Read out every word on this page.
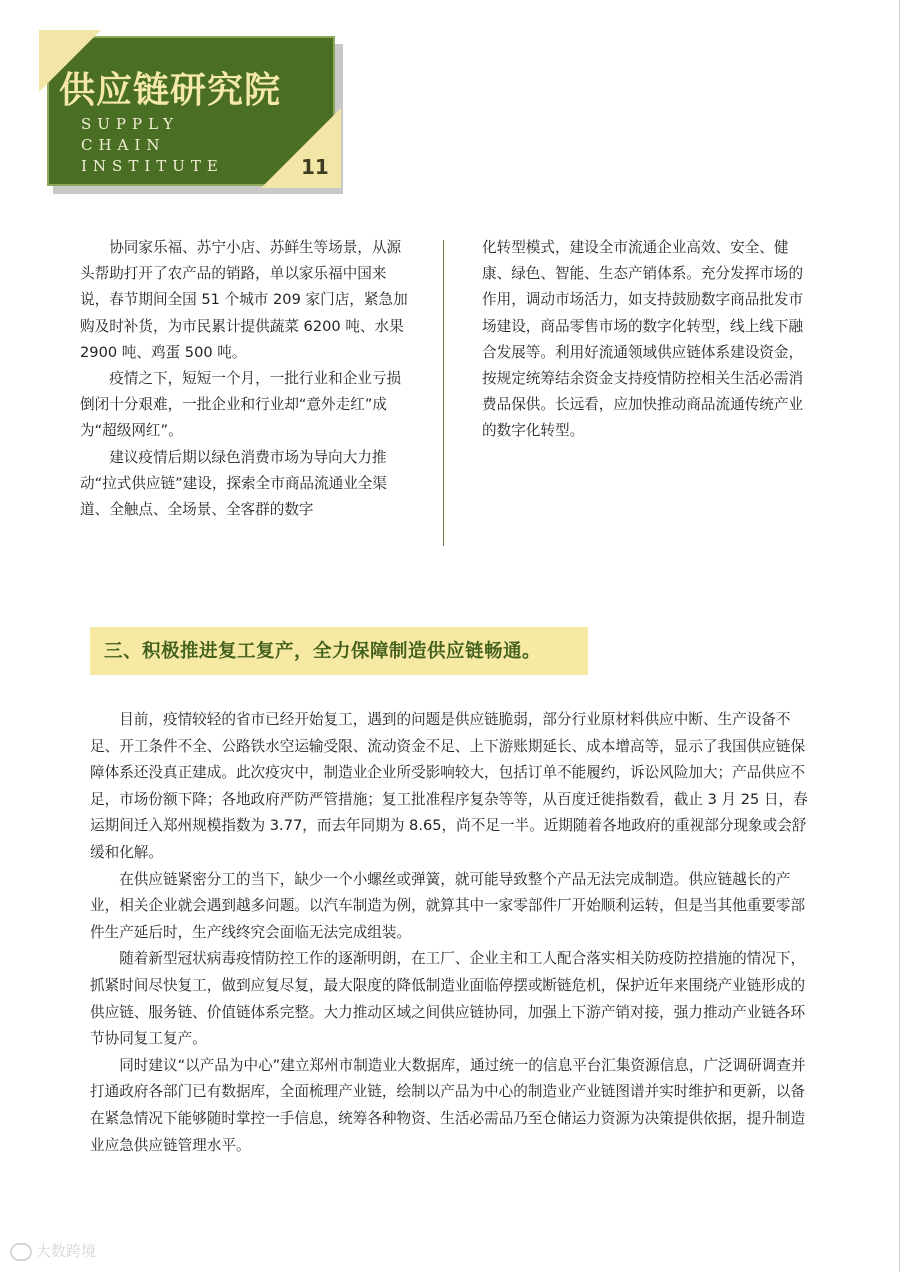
供应链研究院
SUPPLY
CHAIN
INSTITUTE	11

协同家乐福、苏宁小店、苏鲜生等场景，从源头帮助打开了农产品的销路，单以家乐福中国来说，春节期间全国 51 个城市 209 家门店，紧急加购及时补货，为市民累计提供蔬菜 6200 吨、水果 2900 吨、鸡蛋 500 吨。

疫情之下，短短一个月，一批行业和企业亏损倒闭十分艰难，一批企业和行业却“意外走红”成为“超级网红”。

建议疫情后期以绿色消费市场为导向大力推动“拉式供应链”建设，探索全市商品流通业全渠道、全触点、全场景、全客群的数字

化转型模式，建设全市流通企业高效、安全、健康、绿色、智能、生态产销体系。充分发挥市场的作用，调动市场活力，如支持鼓励数字商品批发市场建设，商品零售市场的数字化转型，线上线下融合发展等。利用好流通领域供应链体系建设资金，按规定统筹结余资金支持疫情防控相关生活必需消费品保供。长远看，应加快推动商品流通传统产业的数字化转型。

三、积极推进复工复产，全力保障制造供应链畅通。

目前，疫情较轻的省市已经开始复工，遇到的问题是供应链脆弱，部分行业原材料供应中断、生产设备不足、开工条件不全、公路铁水空运输受限、流动资金不足、上下游账期延长、成本增高等，显示了我国供应链保障体系还没真正建成。此次疫灾中，制造业企业所受影响较大，包括订单不能履约，诉讼风险加大；产品供应不足，市场份额下降；各地政府严防严管措施；复工批准程序复杂等等，从百度迁徙指数看，截止 3 月 25 日，春运期间迁入郑州规模指数为 3.77，而去年同期为 8.65，尚不足一半。近期随着各地政府的重视部分现象或会舒缓和化解。

在供应链紧密分工的当下，缺少一个小螺丝或弹簧，就可能导致整个产品无法完成制造。供应链越长的产业，相关企业就会遇到越多问题。以汽车制造为例，就算其中一家零部件厂开始顺利运转，但是当其他重要零部件生产延后时，生产线终究会面临无法完成组装。

随着新型冠状病毒疫情防控工作的逐渐明朗，在工厂、企业主和工人配合落实相关防疫防控措施的情况下，抓紧时间尽快复工，做到应复尽复，最大限度的降低制造业面临停摆或断链危机，保护近年来围绕产业链形成的供应链、服务链、价值链体系完整。大力推动区域之间供应链协同，加强上下游产销对接，强力推动产业链各环节协同复工复产。

同时建议“以产品为中心”建立郑州市制造业大数据库，通过统一的信息平台汇集资源信息，广泛调研调查并打通政府各部门已有数据库，全面梳理产业链，绘制以产品为中心的制造业产业链图谱并实时维护和更新，以备在紧急情况下能够随时掌控一手信息，统筹各种物资、生活必需品乃至仓储运力资源为决策提供依据，提升制造业应急供应链管理水平。

大数跨境
